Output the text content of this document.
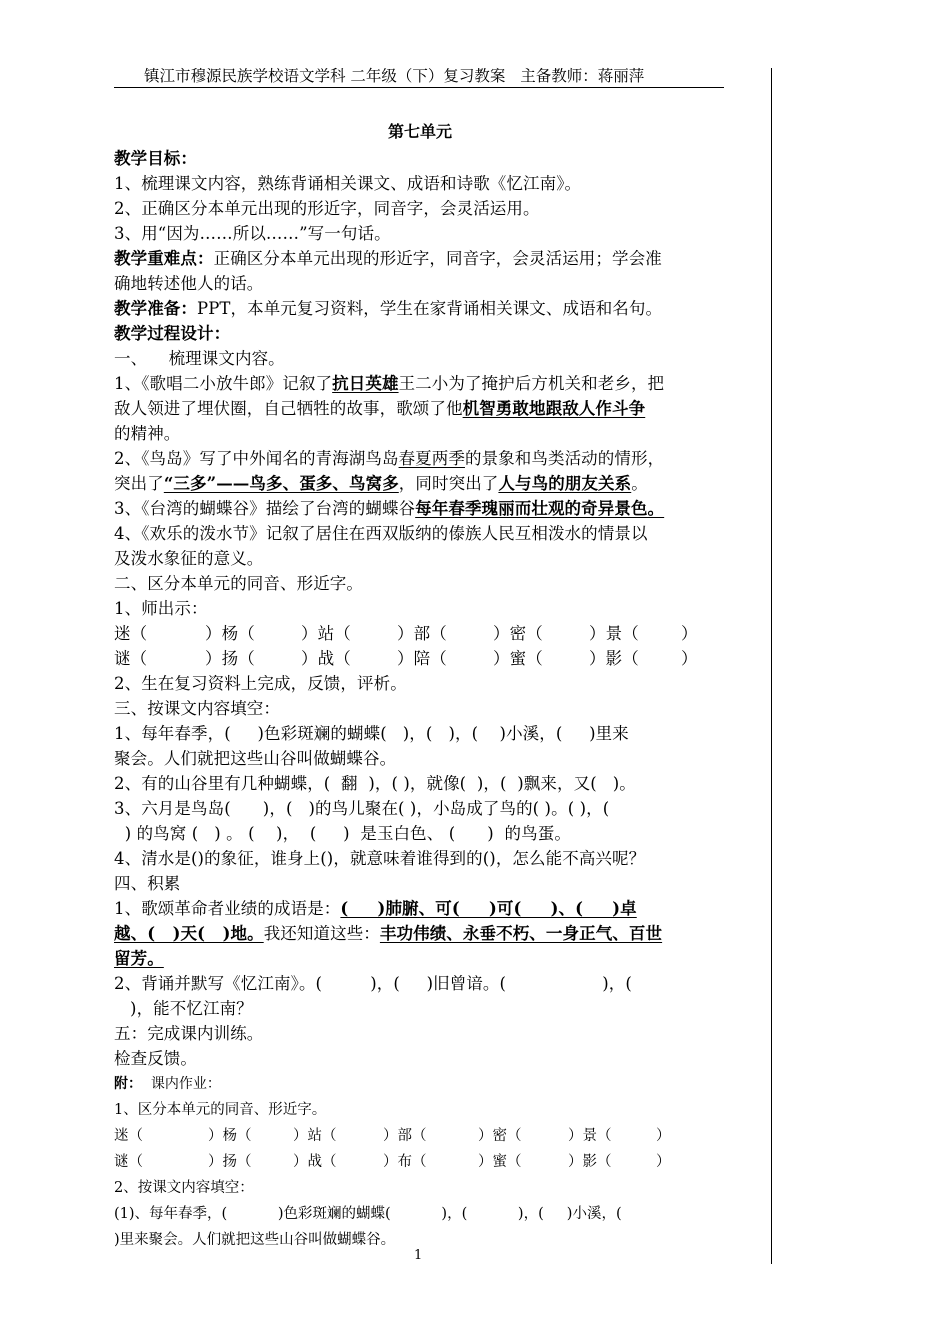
镇江市穆源民族学校语文学科 二年级（下）复习教案   主备教师：蒋丽萍
第七单元
教学目标：
1、梳理课文内容，熟练背诵相关课文、成语和诗歌《忆江南》。
2、正确区分本单元出现的形近字，同音字，会灵活运用。
3、用“因为……所以……”写一句话。
教学重难点：正确区分本单元出现的形近字，同音字，会灵活运用；学会准
确地转述他人的话。
教学准备：PPT，本单元复习资料，学生在家背诵相关课文、成语和名句。
教学过程设计：
一、    梳理课文内容。
1、《歌唱二小放牛郎》记叙了抗日英雄王二小为了掩护后方机关和老乡，把
敌人领进了埋伏圈，自己牺牲的故事，歌颂了他机智勇敢地跟敌人作斗争
的精神。
2、《鸟岛》写了中外闻名的青海湖鸟岛春夏两季的景象和鸟类活动的情形，
突出了“三多”——鸟多、蛋多、鸟窝多，同时突出了人与鸟的朋友关系。
3、《台湾的蝴蝶谷》描绘了台湾的蝴蝶谷每年春季瑰丽而壮观的奇异景色。
4、《欢乐的泼水节》记叙了居住在西双版纳的傣族人民互相泼水的情景以
及泼水象征的意义。
二、区分本单元的同音、形近字。
1、师出示：
迷（	）杨（	）站（	）部（	）密（	）景（	）
谜（	）扬（	）战（	）陪（	）蜜（	）影（	）
2、生在复习资料上完成，反馈，评析。
三、按课文内容填空：
1、每年春季，(     )色彩斑斓的蝴蝶(   )，(   )，(    )小溪，(     )里来
聚会。人们就把这些山谷叫做蝴蝶谷。
2、有的山谷里有几种蝴蝶，(  翻  )，( )，就像(  )，(  )飘来，又(   )。
3、六月是鸟岛(      )，(   )的鸟儿聚在( )，小岛成了鸟的( )。( )，(
) 的鸟窝 (   ) 。 (    )，  (     )  是玉白色、 (      )  的鸟蛋。
4、清水是()的象征，谁身上()，就意味着谁得到的()，怎么能不高兴呢？
四、积累
1、歌颂革命者业绩的成语是：(     )肺腑、可(     )可(     )、(     )卓
越、(   )天(   )地。我还知道这些：丰功伟绩、永垂不朽、一身正气、百世
留芳。
2、背诵并默写《忆江南》。(         )，(     )旧曾谙。(                  )，(
)，能不忆江南？
五：完成课内训练。
检查反馈。
附：  课内作业：
1、区分本单元的同音、形近字。
迷（	）杨（	）站（	）部（	）密（	）景（	）
谜（	）扬（	）战（	）布（	）蜜（	）影（	）
2、按课文内容填空：
(1)、每年春季，(           )色彩斑斓的蝴蝶(           )，(           )，(     )小溪，(
)里来聚会。人们就把这些山谷叫做蝴蝶谷。
1
